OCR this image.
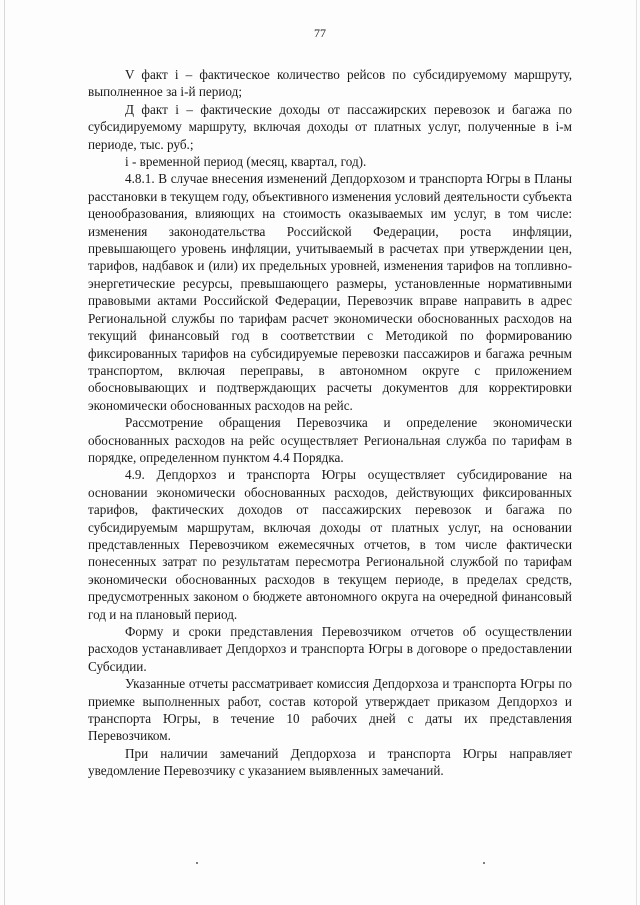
77

V факт i – фактическое количество рейсов по субсидируемому маршруту, выполненное за i-й период;

Д факт i – фактические доходы от пассажирских перевозок и багажа по субсидируемому маршруту, включая доходы от платных услуг, полученные в i-м периоде, тыс. руб.;

i - временной период (месяц, квартал, год).

4.8.1. В случае внесения изменений Депдорхозом и транспорта Югры в Планы расстановки в текущем году, объективного изменения условий деятельности субъекта ценообразования, влияющих на стоимость оказываемых им услуг, в том числе: изменения законодательства Российской Федерации, роста инфляции, превышающего уровень инфляции, учитываемый в расчетах при утверждении цен, тарифов, надбавок и (или) их предельных уровней, изменения тарифов на топливно-энергетические ресурсы, превышающего размеры, установленные нормативными правовыми актами Российской Федерации, Перевозчик вправе направить в адрес Региональной службы по тарифам расчет экономически обоснованных расходов на текущий финансовый год в соответствии с Методикой по формированию фиксированных тарифов на субсидируемые перевозки пассажиров и багажа речным транспортом, включая переправы, в автономном округе с приложением обосновывающих и подтверждающих расчеты документов для корректировки экономически обоснованных расходов на рейс.

Рассмотрение обращения Перевозчика и определение экономически обоснованных расходов на рейс осуществляет Региональная служба по тарифам в порядке, определенном пунктом 4.4 Порядка.

4.9. Депдорхоз и транспорта Югры осуществляет субсидирование на основании экономически обоснованных расходов, действующих фиксированных тарифов, фактических доходов от пассажирских перевозок и багажа по субсидируемым маршрутам, включая доходы от платных услуг, на основании представленных Перевозчиком ежемесячных отчетов, в том числе фактически понесенных затрат по результатам пересмотра Региональной службой по тарифам экономически обоснованных расходов в текущем периоде, в пределах средств, предусмотренных законом о бюджете автономного округа на очередной финансовый год и на плановый период.

Форму и сроки представления Перевозчиком отчетов об осуществлении расходов устанавливает Депдорхоз и транспорта Югры в договоре о предоставлении Субсидии.

Указанные отчеты рассматривает комиссия Депдорхоза и транспорта Югры по приемке выполненных работ, состав которой утверждает приказом Депдорхоз и транспорта Югры, в течение 10 рабочих дней с даты их представления Перевозчиком.

При наличии замечаний Депдорхоза и транспорта Югры направляет уведомление Перевозчику с указанием выявленных замечаний.
